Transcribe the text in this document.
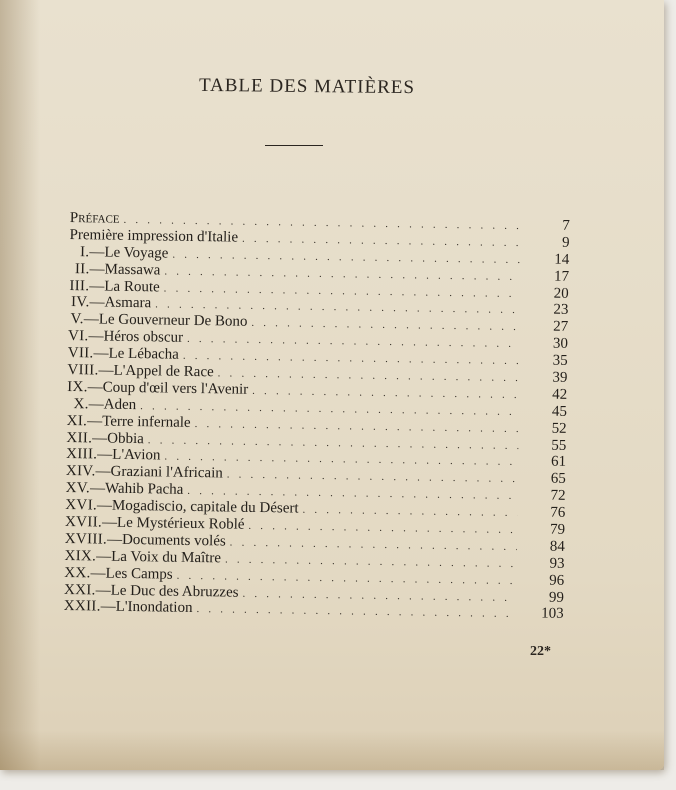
TABLE DES MATIÈRES
Préface . . .	7
Première impression d'Italie . . .	9
I. — Le Voyage . . .	14
II. — Massawa . . .	17
III. — La Route . . .	20
IV. — Asmara . . .	23
V. — Le Gouverneur De Bono . . .	27
VI. — Héros obscur . . .	30
VII. — Le Lébacha . . .	35
VIII. — L'Appel de Race . . .	39
IX. — Coup d'œil vers l'Avenir . . .	42
X. — Aden . . .	45
XI. — Terre infernale . . .	52
XII. — Obbia . . .	55
XIII. — L'Avion . . .	61
XIV. — Graziani l'Africain . . .	65
XV. — Wahib Pacha . . .	72
XVI. — Mogadiscio, capitale du Désert . . .	76
XVII. — Le Mystérieux Roblé . . .	79
XVIII. — Documents volés . . .	84
XIX. — La Voix du Maître . . .	93
XX. — Les Camps . . .	96
XXI. — Le Duc des Abruzzes . . .	99
XXII. — L'Inondation . . .	103
22*
